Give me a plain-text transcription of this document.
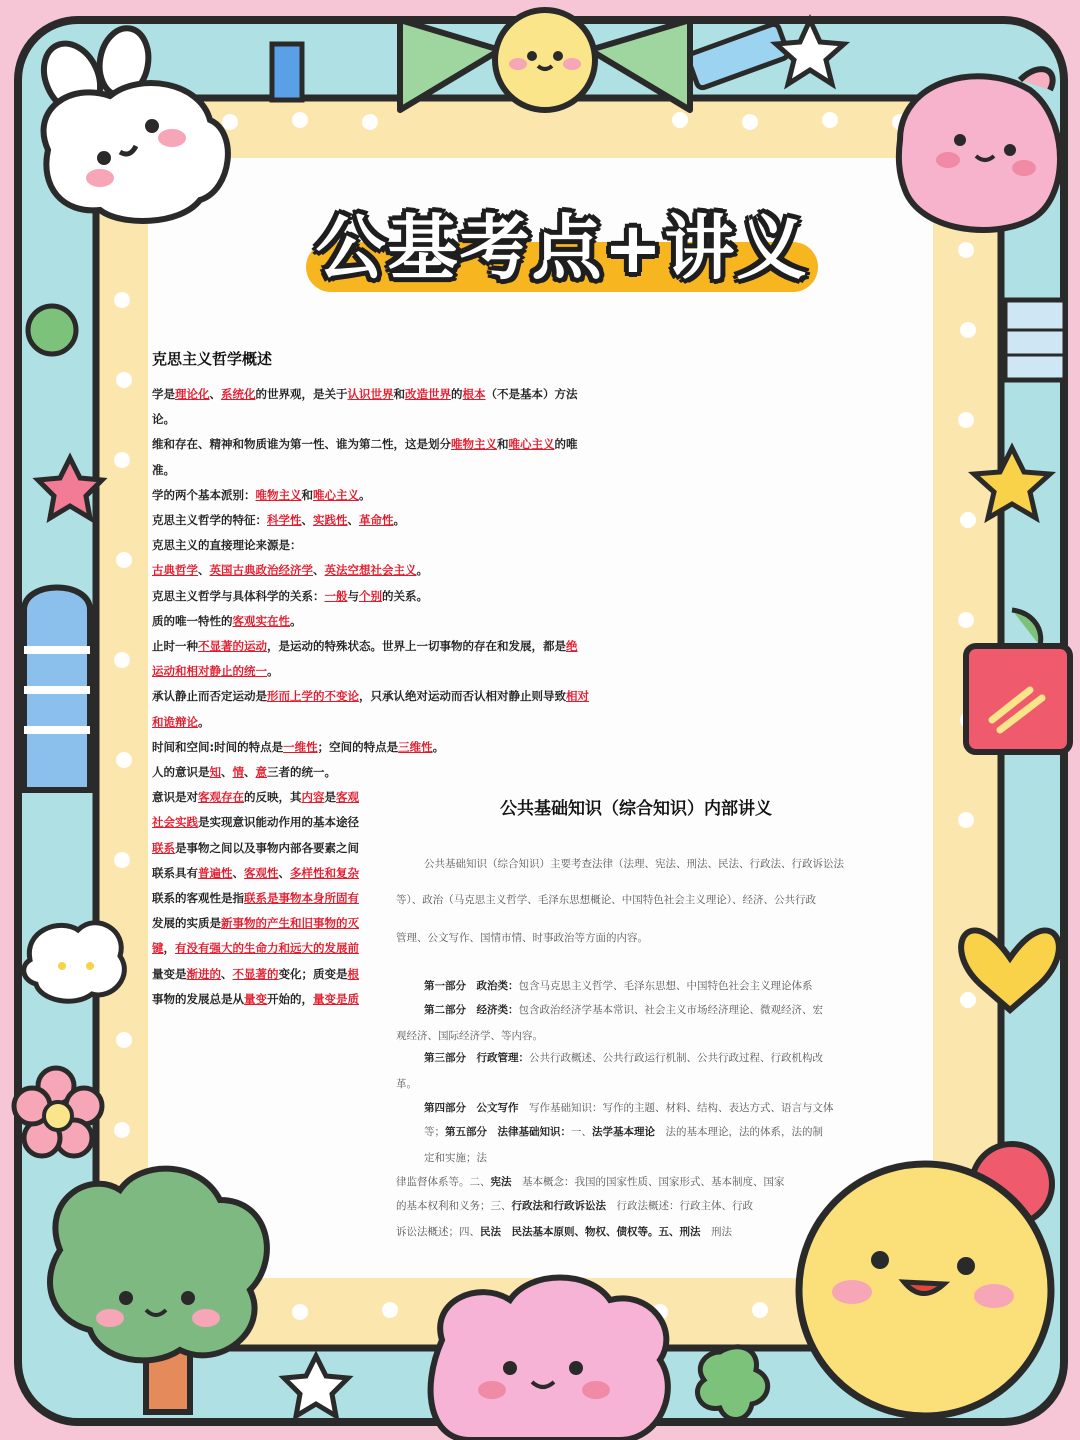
克思主义哲学概述
学是理论化、系统化的世界观，是关于认识世界和改造世界的根本（不是基本）方法
论。
维和存在、精神和物质谁为第一性、谁为第二性，这是划分唯物主义和唯心主义的唯
准。
学的两个基本派别：唯物主义和唯心主义。
克思主义哲学的特征：科学性、实践性、革命性。
克思主义的直接理论来源是：
古典哲学、英国古典政治经济学、英法空想社会主义。
克思主义哲学与具体科学的关系：一般与个别的关系。
质的唯一特性的客观实在性。
止时一种不显著的运动，是运动的特殊状态。世界上一切事物的存在和发展，都是绝
运动和相对静止的统一。
承认静止而否定运动是形而上学的不变论，只承认绝对运动而否认相对静止则导致相对
和诡辩论。
时间和空间:时间的特点是一维性；空间的特点是三维性。
人的意识是知、情、意三者的统一。
意识是对客观存在的反映，其内容是客观
社会实践是实现意识能动作用的基本途径
联系是事物之间以及事物内部各要素之间
联系具有普遍性、客观性、多样性和复杂
联系的客观性是指联系是事物本身所固有
发展的实质是新事物的产生和旧事物的灭
键，有没有强大的生命力和远大的发展前
量变是渐进的、不显著的变化；质变是根
事物的发展总是从量变开始的，量变是质
公共基础知识（综合知识）内部讲义
公共基础知识（综合知识）主要考查法律（法理、宪法、刑法、民法、行政法、行政诉讼法
等）、政治（马克思主义哲学、毛泽东思想概论、中国特色社会主义理论）、经济、公共行政
管理、公文写作、国情市情、时事政治等方面的内容。
第一部分　政治类：包含马克思主义哲学、毛泽东思想、中国特色社会主义理论体系
第二部分　经济类：包含政治经济学基本常识、社会主义市场经济理论、微观经济、宏
观经济、国际经济学、等内容。
第三部分　行政管理：公共行政概述、公共行政运行机制、公共行政过程、行政机构改
革。
第四部分　公文写作　写作基础知识：写作的主题、材料、结构、表达方式、语言与文体
等；第五部分　法律基础知识：一、法学基本理论　法的基本理论，法的体系，法的制
定和实施；法
律监督体系等。二、宪法　基本概念：我国的国家性质、国家形式、基本制度、国家
的基本权利和义务；三、行政法和行政诉讼法　行政法概述：行政主体、行政
诉讼法概述；四、民法　 民法基本原则、物权、债权等。五、刑法　刑法
公基考点+讲义
